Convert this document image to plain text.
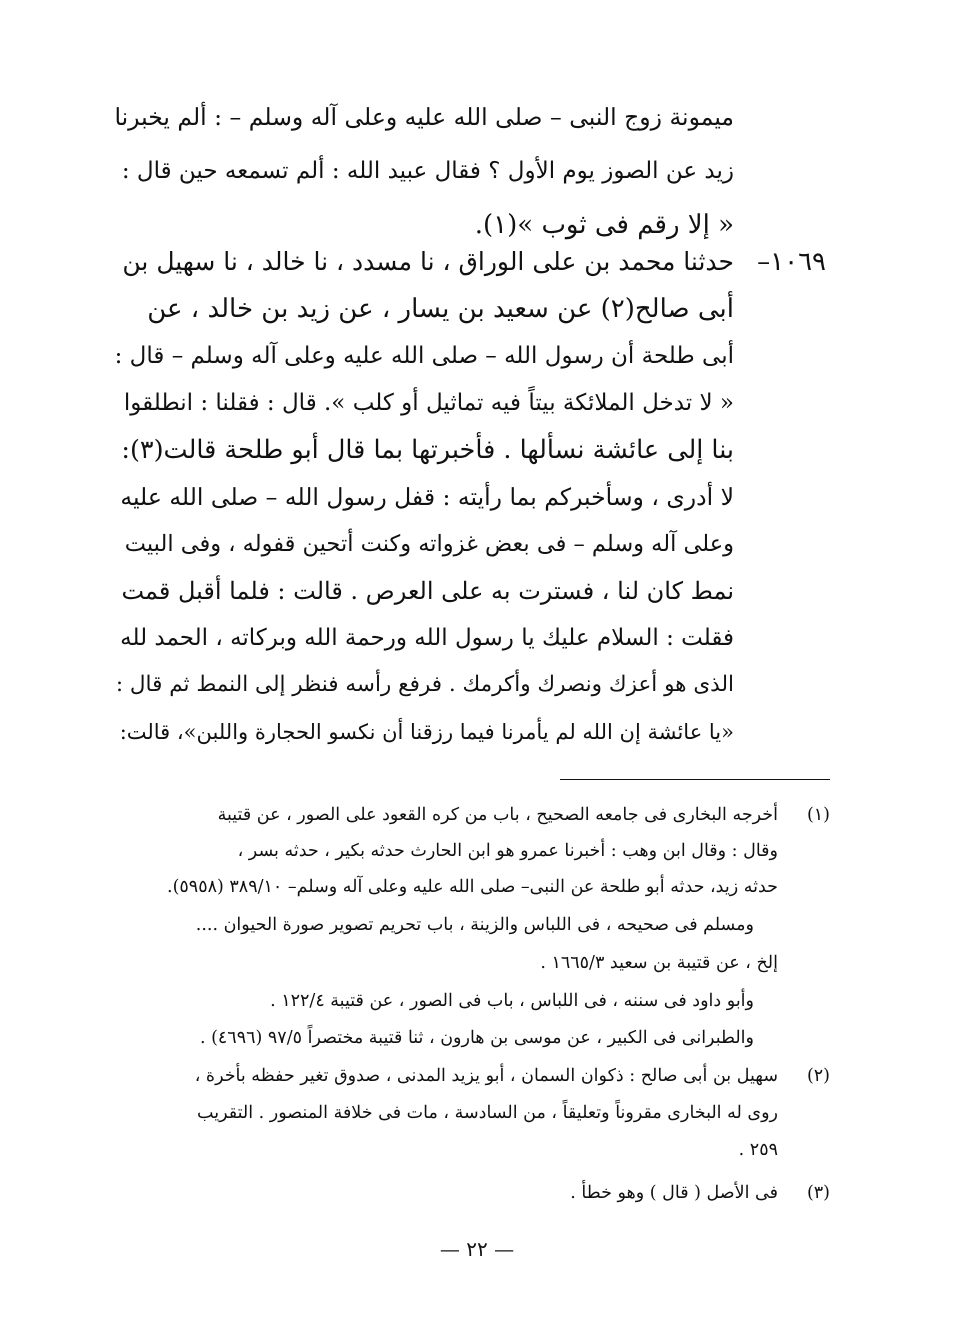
ميمونة زوج النبى – صلى الله عليه وعلى آله وسلم – : ألم يخبرنا
زيد عن الصوز يوم الأول ؟ فقال عبيد الله : ألم تسمعه حين قال :
« إلا رقم فى ثوب »(١).
١٠٦٩–
حدثنا محمد بن على الوراق ، نا مسدد ، نا خالد ، نا سهيل بن
أبى صالح(٢) عن سعيد بن يسار ، عن زيد بن خالد ، عن
أبى طلحة أن رسول الله – صلى الله عليه وعلى آله وسلم – قال :
« لا تدخل الملائكة بيتاً فيه تماثيل أو كلب ». قال : فقلنا : انطلقوا
بنا إلى عائشة نسألها . فأخبرتها بما قال أبو طلحة قالت(٣):
لا أدرى ، وسأخبركم بما رأيته : قفل رسول الله – صلى الله عليه
وعلى آله وسلم – فى بعض غزواته وكنت أتحين قفوله ، وفى البيت
نمط كان لنا ، فسترت به على العرص . قالت : فلما أقبل قمت
فقلت : السلام عليك يا رسول الله ورحمة الله وبركاته ، الحمد لله
الذى هو أعزك ونصرك وأكرمك . فرفع رأسه فنظر إلى النمط ثم قال :
«يا عائشة إن الله لم يأمرنا فيما رزقنا أن نكسو الحجارة واللبن»، قالت:
(١)
أخرجه البخارى فى جامعه الصحيح ، باب من كره القعود على الصور ، عن قتيبة
وقال : وقال ابن وهب : أخبرنا عمرو هو ابن الحارث حدثه بكير ، حدثه بسر ،
حدثه زيد، حدثه أبو طلحة عن النبى– صلى الله عليه وعلى آله وسلم– ٣٨٩/١٠ (٥٩٥٨).
ومسلم فى صحيحه ، فى اللباس والزينة ، باب تحريم تصوير صورة الحيوان ....
إلخ ، عن قتيبة بن سعيد ١٦٦٥/٣ .
وأبو داود فى سننه ، فى اللباس ، باب فى الصور ، عن قتيبة ١٢٢/٤ .
والطبرانى فى الكبير ، عن موسى بن هارون ، ثنا قتيبة مختصراً ٩٧/٥ (٤٦٩٦) .
(٢)
سهيل بن أبى صالح : ذكوان السمان ، أبو يزيد المدنى ، صدوق تغير حفظه بأخرة ،
روى له البخارى مقروناً وتعليقاً ، من السادسة ، مات فى خلافة المنصور . التقريب
٢٥٩ .
(٣)
فى الأصل ( قال ) وهو خطأ .
— ٢٢ —
